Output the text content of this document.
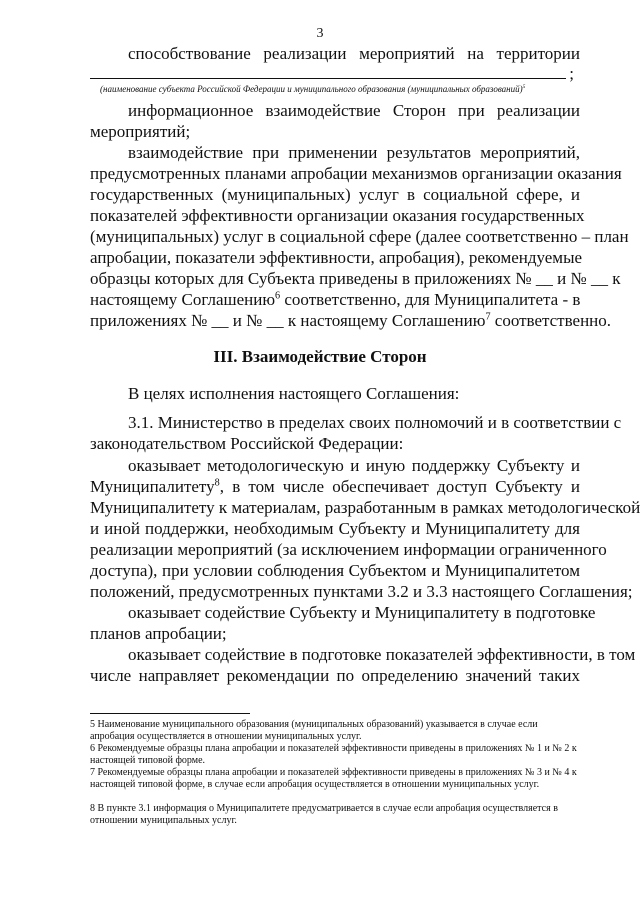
3
способствование реализации мероприятий на территории
;
(наименование субъекта Российской Федерации и муниципального образования (муниципальных образований)$^5$
информационное взаимодействие Сторон при реализации
мероприятий;
взаимодействие при применении результатов мероприятий,
предусмотренных планами апробации механизмов организации оказания
государственных (муниципальных) услуг в социальной сфере, и
показателей эффективности организации оказания государственных
(муниципальных) услуг в социальной сфере (далее соответственно – план
апробации, показатели эффективности, апробация), рекомендуемые
образцы которых для Субъекта приведены в приложениях № __ и № __ к
настоящему Соглашению$^6$ соответственно, для Муниципалитета - в
приложениях № __ и № __ к настоящему Соглашению$^7$ соответственно.
III. Взаимодействие Сторон
В целях исполнения настоящего Соглашения:
3.1. Министерство в пределах своих полномочий и в соответствии с
законодательством Российской Федерации:
оказывает методологическую и иную поддержку Субъекту и
Муниципалитету$^8$, в том числе обеспечивает доступ Субъекту и
Муниципалитету к материалам, разработанным в рамках методологической
и иной поддержки, необходимым Субъекту и Муниципалитету для
реализации мероприятий (за исключением информации ограниченного
доступа), при условии соблюдения Субъектом и Муниципалитетом
положений, предусмотренных пунктами 3.2 и 3.3 настоящего Соглашения;
оказывает содействие Субъекту и Муниципалитету в подготовке
планов апробации;
оказывает содействие в подготовке показателей эффективности, в том
числе направляет рекомендации по определению значений таких
5 Наименование муниципального образования (муниципальных образований) указывается в случае если апробация осуществляется в отношении муниципальных услуг.
6 Рекомендуемые образцы плана апробации и показателей эффективности приведены в приложениях № 1 и № 2 к настоящей типовой форме.
7 Рекомендуемые образцы плана апробации и показателей эффективности приведены в приложениях № 3 и № 4 к настоящей типовой форме, в случае если апробация осуществляется в отношении муниципальных услуг.
8 В пункте 3.1 информация о Муниципалитете предусматривается в случае если апробация осуществляется в отношении муниципальных услуг.
